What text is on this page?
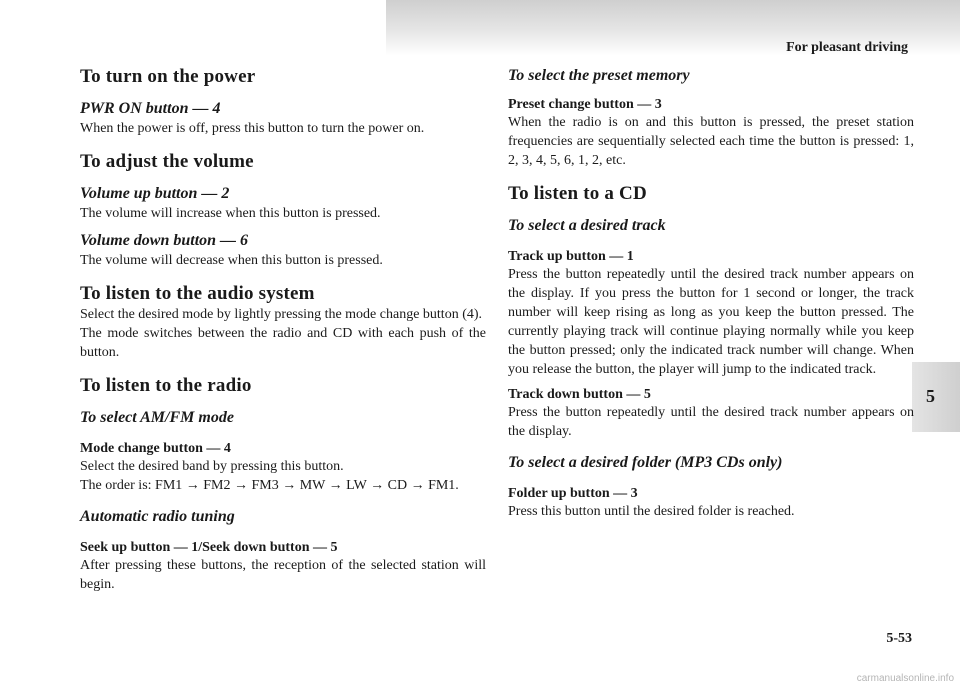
For pleasant driving
5
To turn on the power
PWR ON button — 4

When the power is off, press this button to turn the power on.

To adjust the volume
Volume up button — 2

The volume will increase when this button is pressed.

Volume down button — 6

The volume will decrease when this button is pressed.

To listen to the audio system

Select the desired mode by lightly pressing the mode change button (4).

The mode switches between the radio and CD with each push of the button.

To listen to the radio
To select AM/FM mode
Mode change button — 4

Select the desired band by pressing this button.

The order is: FM1 → FM2 → FM3 → MW → LW → CD → FM1.

Automatic radio tuning
Seek up button — 1/Seek down button — 5

After pressing these buttons, the reception of the selected station will begin.

To select the preset memory
Preset change button — 3

When the radio is on and this button is pressed, the preset station frequencies are sequentially selected each time the button is pressed: 1, 2, 3, 4, 5, 6, 1, 2, etc.

To listen to a CD
To select a desired track
Track up button — 1

Press the button repeatedly until the desired track number appears on the display. If you press the button for 1 second or longer, the track number will keep rising as long as you keep the button pressed. The currently playing track will continue playing normally while you keep the button pressed; only the indicated track number will change. When you release the button, the player will jump to the indicated track.

Track down button — 5

Press the button repeatedly until the desired track number appears on the display.

To select a desired folder (MP3 CDs only)
Folder up button — 3

Press this button until the desired folder is reached.

5-53
carmanualsonline.info
